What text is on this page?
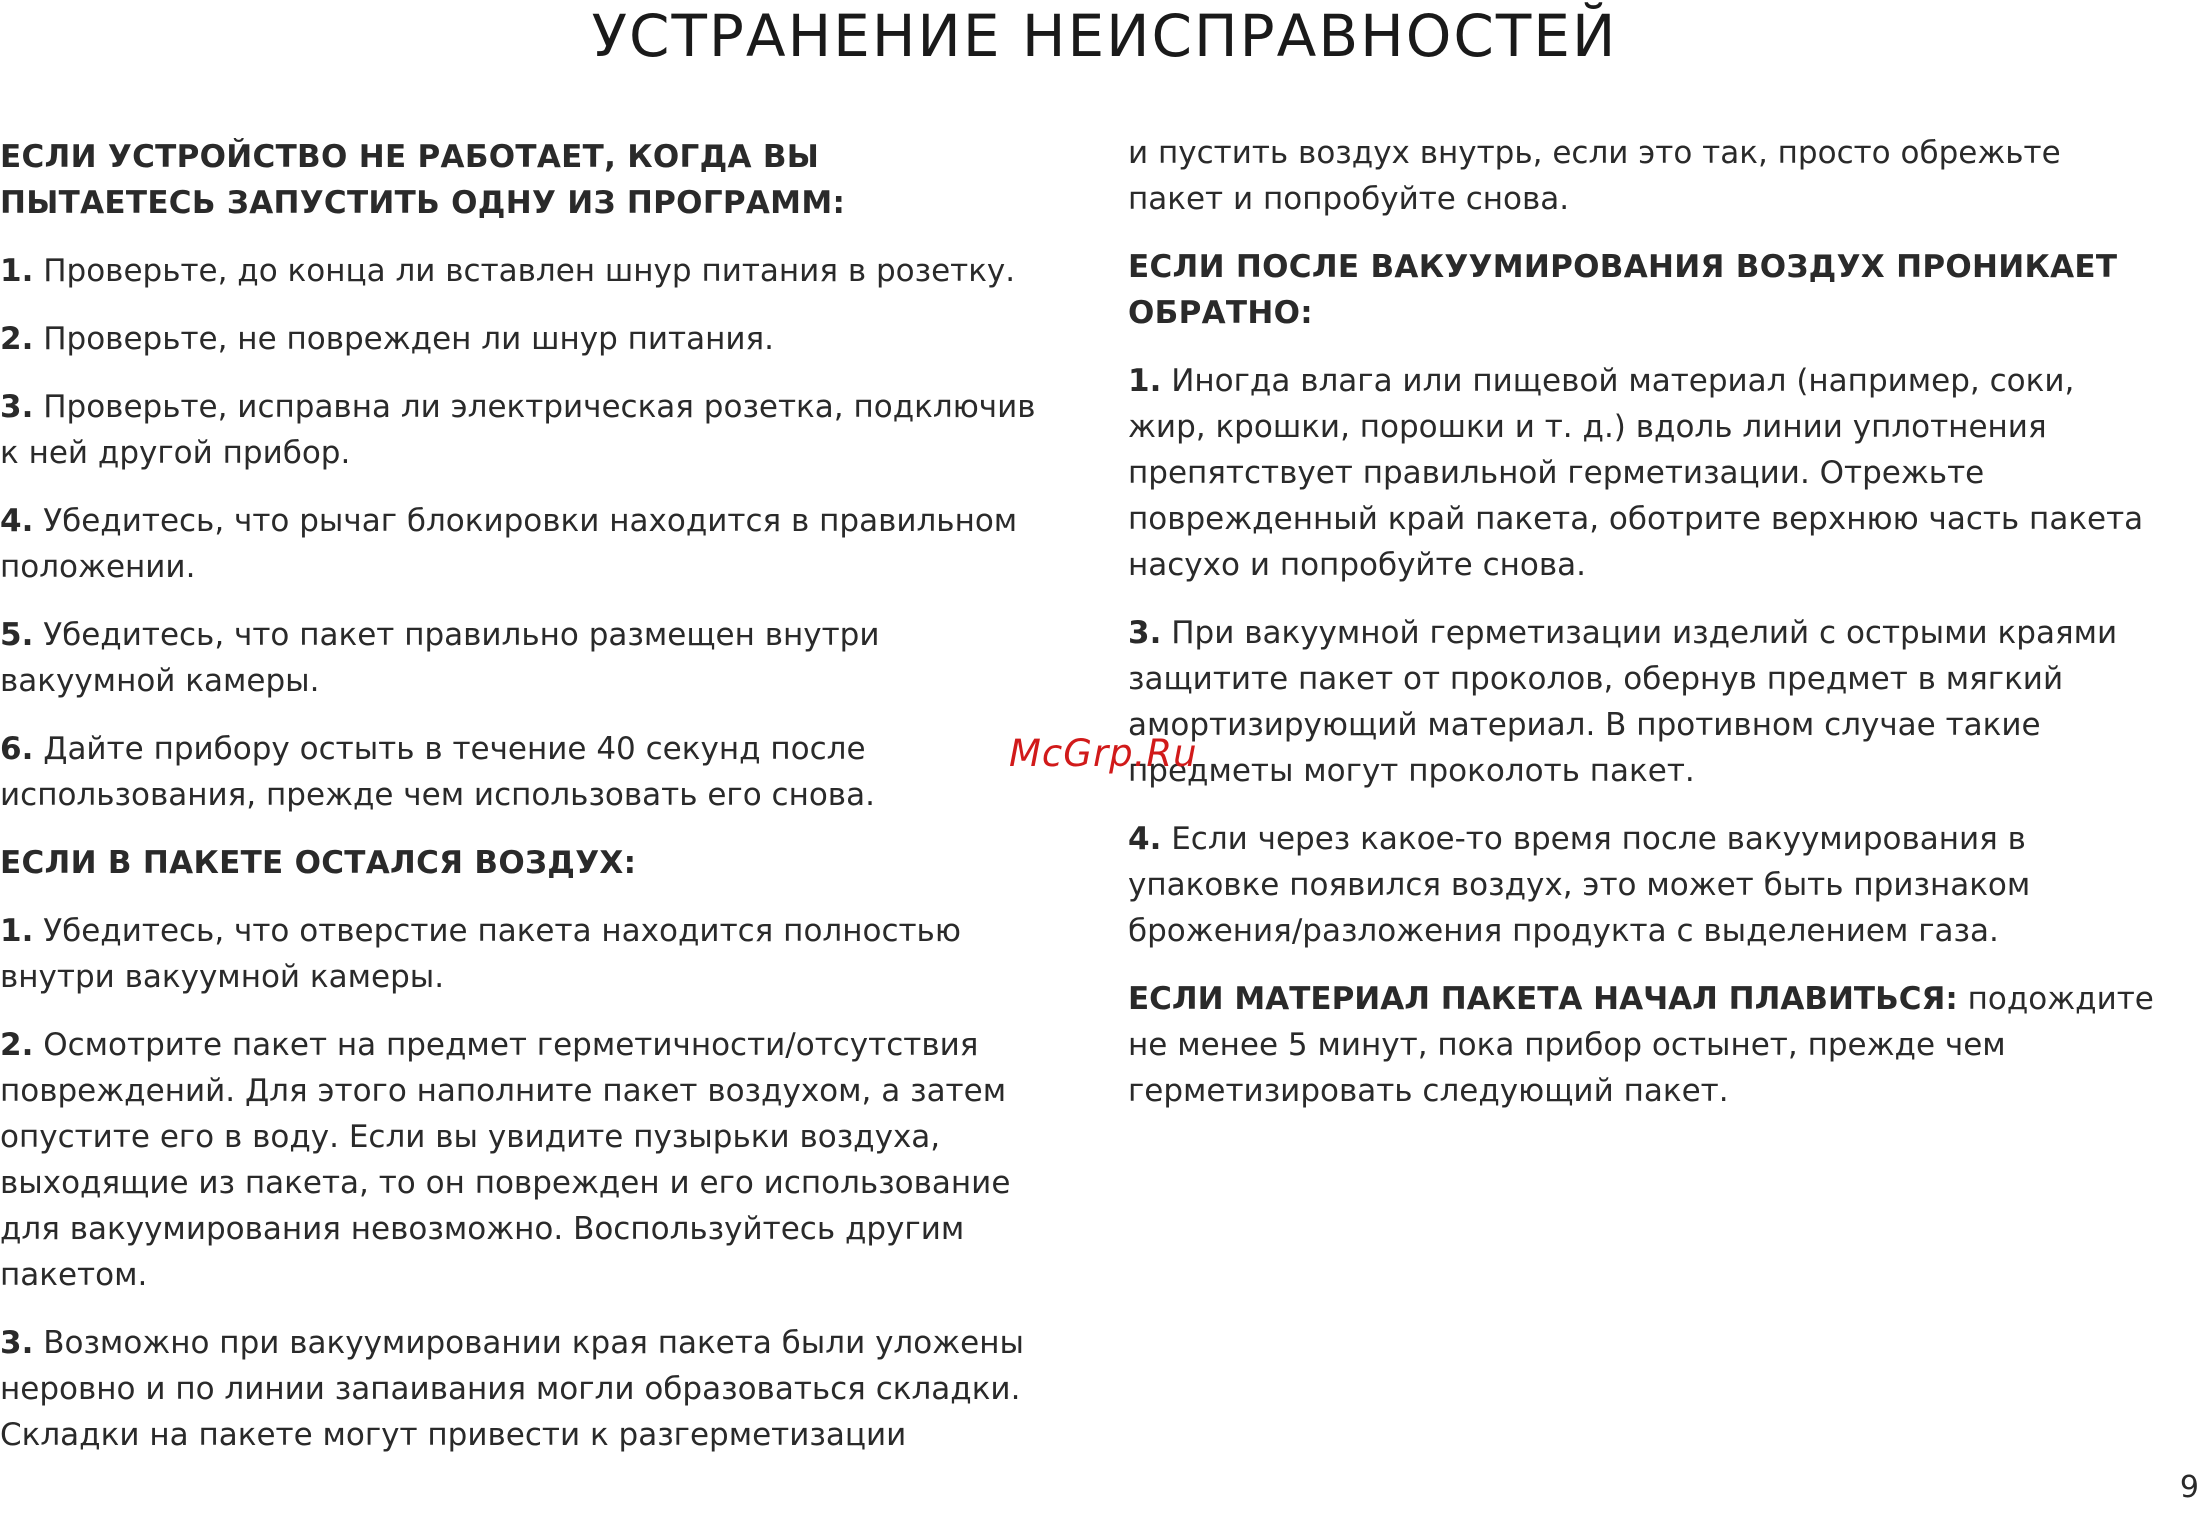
УСТРАНЕНИЕ НЕИСПРАВНОСТЕЙ
ЕСЛИ УСТРОЙСТВО НЕ РАБОТАЕТ, КОГДА ВЫ ПЫТАЕТЕСЬ ЗАПУСТИТЬ ОДНУ ИЗ ПРОГРАММ:
1. Проверьте, до конца ли вставлен шнур питания в розетку.
2. Проверьте, не поврежден ли шнур питания.
3. Проверьте, исправна ли электрическая розетка, подключив к ней другой прибор.
4. Убедитесь, что рычаг блокировки находится в правильном положении.
5. Убедитесь, что пакет правильно размещен внутри вакуумной камеры.
6. Дайте прибору остыть в течение 40 секунд после использования, прежде чем использовать его снова.
ЕСЛИ В ПАКЕТЕ ОСТАЛСЯ ВОЗДУХ:
1. Убедитесь, что отверстие пакета находится полностью внутри вакуумной камеры.
2. Осмотрите пакет на предмет герметичности/отсутствия повреждений. Для этого наполните пакет воздухом, а затем опустите его в воду. Если вы увидите пузырьки воздуха, выходящие из пакета, то он поврежден и его использование для вакуумирования невозможно. Воспользуйтесь другим пакетом.
3. Возможно при вакуумировании края пакета были уложены неровно и по линии запаивания могли образоваться складки. Складки на пакете могут привести к разгерметизации
и пустить воздух внутрь, если это так, просто обрежьте пакет и попробуйте снова.
ЕСЛИ ПОСЛЕ ВАКУУМИРОВАНИЯ ВОЗДУХ ПРОНИКАЕТ ОБРАТНО:
1. Иногда влага или пищевой материал (например, соки, жир, крошки, порошки и т. д.) вдоль линии уплотнения препятствует правильной герметизации. Отрежьте поврежденный край пакета, оботрите верхнюю часть пакета насухо и попробуйте снова.
3. При вакуумной герметизации изделий с острыми краями защитите пакет от проколов, обернув предмет в мягкий амортизирующий материал. В противном случае такие предметы могут проколоть пакет.
4. Если через какое-то время после вакуумирования в упаковке появился воздух, это может быть признаком брожения/разложения продукта с выделением газа.
ЕСЛИ МАТЕРИАЛ ПАКЕТА НАЧАЛ ПЛАВИТЬСЯ: подождите не менее 5 минут, пока прибор остынет, прежде чем герметизировать следующий пакет.
McGrp.Ru
9
